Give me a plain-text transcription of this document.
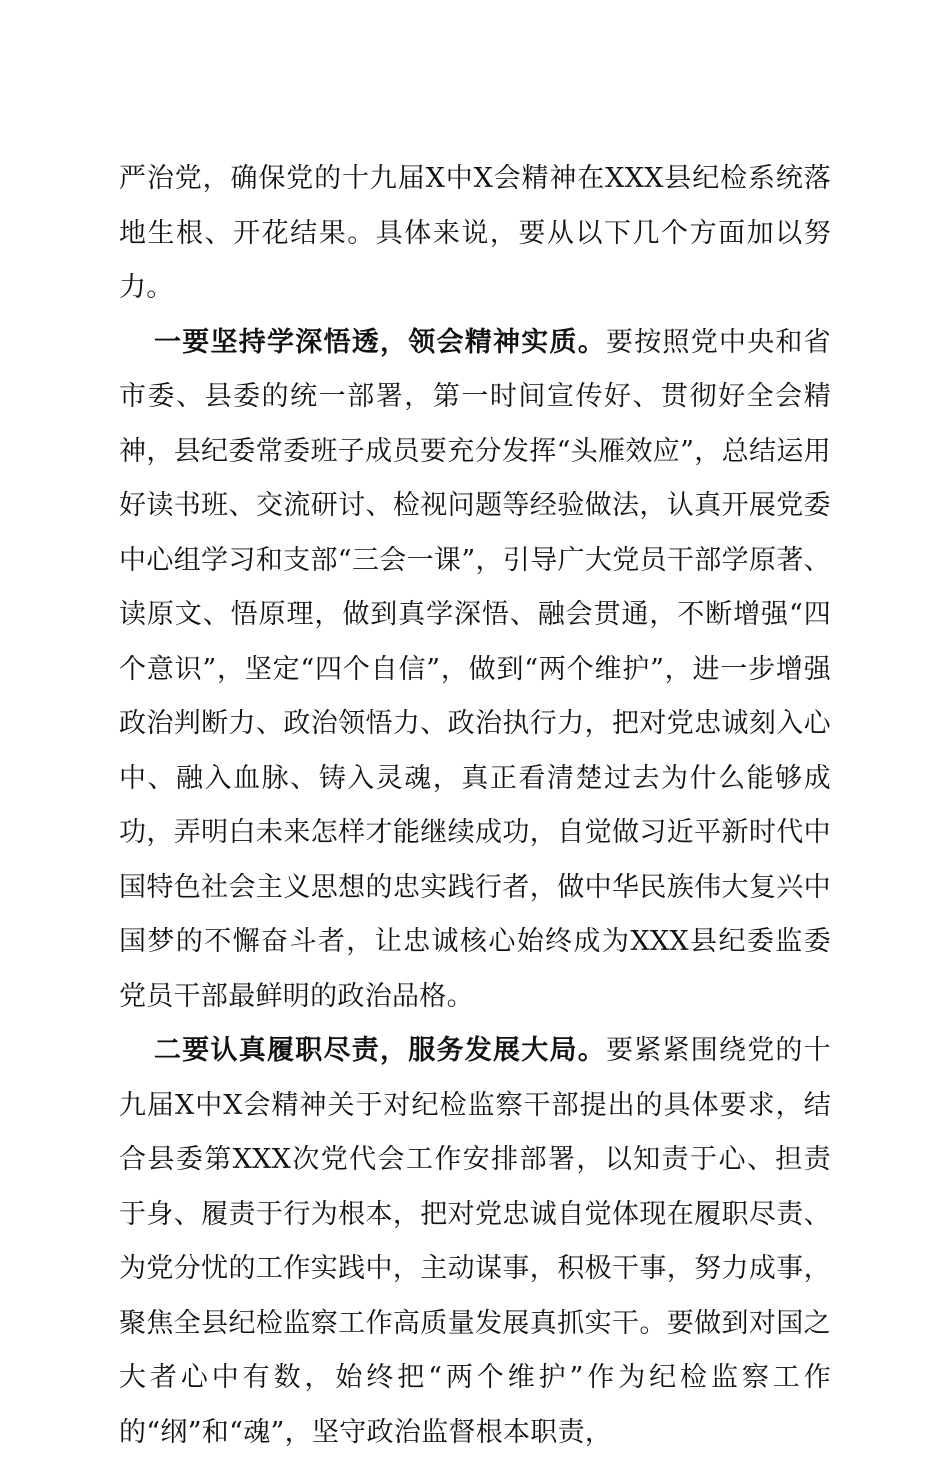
严治党，确保党的十九届X中X会精神在XXX县纪检系统落地生根、开花结果。具体来说，要从以下几个方面加以努力。

一要坚持学深悟透，领会精神实质。要按照党中央和省市委、县委的统一部署，第一时间宣传好、贯彻好全会精神，县纪委常委班子成员要充分发挥“头雁效应”，总结运用好读书班、交流研讨、检视问题等经验做法，认真开展党委中心组学习和支部“三会一课”，引导广大党员干部学原著、读原文、悟原理，做到真学深悟、融会贯通，不断增强“四个意识”，坚定“四个自信”，做到“两个维护”，进一步增强政治判断力、政治领悟力、政治执行力，把对党忠诚刻入心中、融入血脉、铸入灵魂，真正看清楚过去为什么能够成功，弄明白未来怎样才能继续成功，自觉做习近平新时代中国特色社会主义思想的忠实践行者，做中华民族伟大复兴中国梦的不懈奋斗者，让忠诚核心始终成为XXX县纪委监委党员干部最鲜明的政治品格。

二要认真履职尽责，服务发展大局。要紧紧围绕党的十九届X中X会精神关于对纪检监察干部提出的具体要求，结合县委第XXX次党代会工作安排部署，以知责于心、担责于身、履责于行为根本，把对党忠诚自觉体现在履职尽责、为党分忧的工作实践中，主动谋事，积极干事，努力成事，聚焦全县纪检监察工作高质量发展真抓实干。要做到对国之大者心中有数，始终把“两个维护”作为纪检监察工作的“纲”和“魂”，坚守政治监督根本职责，
